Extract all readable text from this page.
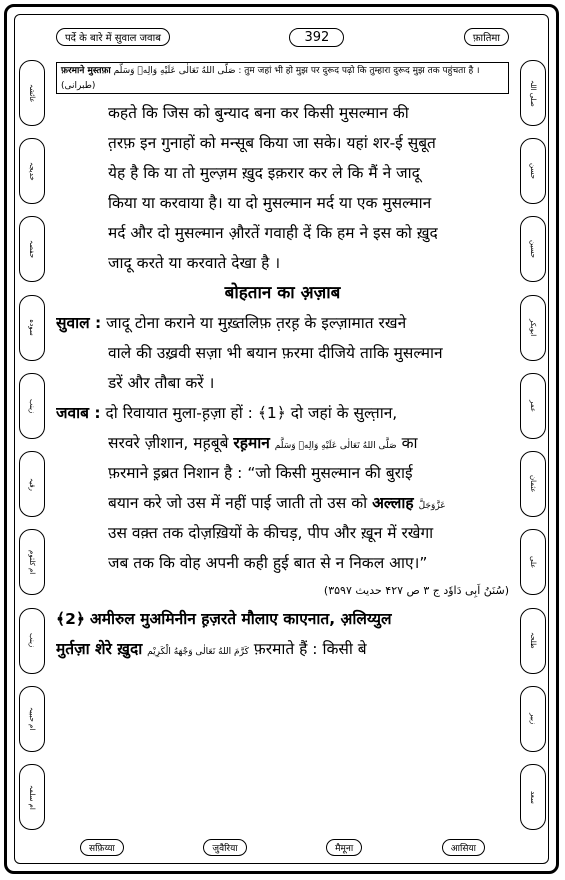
عائشہ
خدیجہ
حفصہ
سودہ
زینب
رقیہ
ام کلثوم
زینب
ام حبیبہ
ام سلمہ
صلی اللہ
حسن
حسین
ابوبکر
عمر
عثمان
علی
طلحہ
زبیر
سعد
पर्दे के बारे में सुवाल जवाब	392	फ़ातिमा
फ़रमाने मुस्तफ़ा صَلَّى اللهُ تَعَالٰى عَلَيْهِ وَالِهٖ وَسَلَّم : तुम जहां भी हो मुझ पर दुरूद पढ़ो कि तुम्हारा दुरूद मुझ तक पहुंचता है । (طبرانی)
कहते कि जिस को बुन्याद बना कर किसी मुसल्मान की
त़रफ़ इन गुनाहों को मन्सूब किया जा सके। यहां शर-ई सुबूत
येह है कि या तो मुल्ज़म ख़ुद इक़रार कर ले कि मैं ने जादू
किया या करवाया है। या दो मुसल्मान मर्द या एक मुसल्मान
मर्द और दो मुसल्मान औ़रतें गवाही दें कि हम ने इस को ख़ुद
जादू करते या करवाते देखा है ।
बोहतान का अ़ज़ाब
सुवाल : जादू टोना कराने या मुख़्तलिफ़ त़रह़ के इल्ज़ामात रखने
वाले की उख़्रवी सज़ा भी बयान फ़रमा दीजिये ताकि मुसल्मान
डरें और तौबा करें ।
जवाब : दो रिवायात मुला-ह़ज़ा हों : ﴾1﴿ दो जहां के सुल्त़ान,
सरवरे ज़ीशान, मह़बूबे रह़मान صَلَّى اللهُ تَعَالٰى عَلَيْهِ وَالِهٖ وَسَلَّم का
फ़रमाने इ़ब्रत निशान है : “जो किसी मुसल्मान की बुराई
बयान करे जो उस में नहीं पाई जाती तो उस को अल्लाह عَزَّوَجَلَّ
उस वक़्त तक दोज़ख़ियों के कीचड़, पीप और ख़ून में रखेगा
जब तक कि वोह अपनी कही हुई बात से न निकल आए।”
(سُنَنُ اَبِی دَاوٗد ج ۳ ص ۴۲۷ حديث ۳۵۹۷)
﴾2﴿ अमीरुल मुअमिनीन ह़ज़रते मौलाए काएनात, अ़लिय्युल
मुर्तज़ा शेरे ख़ुदा كَرَّمَ اللهُ تَعَالٰى وَجْهَهُ الْكَرِيْم फ़रमाते हैं : किसी बे
सफ़िय्या	जुवैरिया	मैमूना	आसिया
